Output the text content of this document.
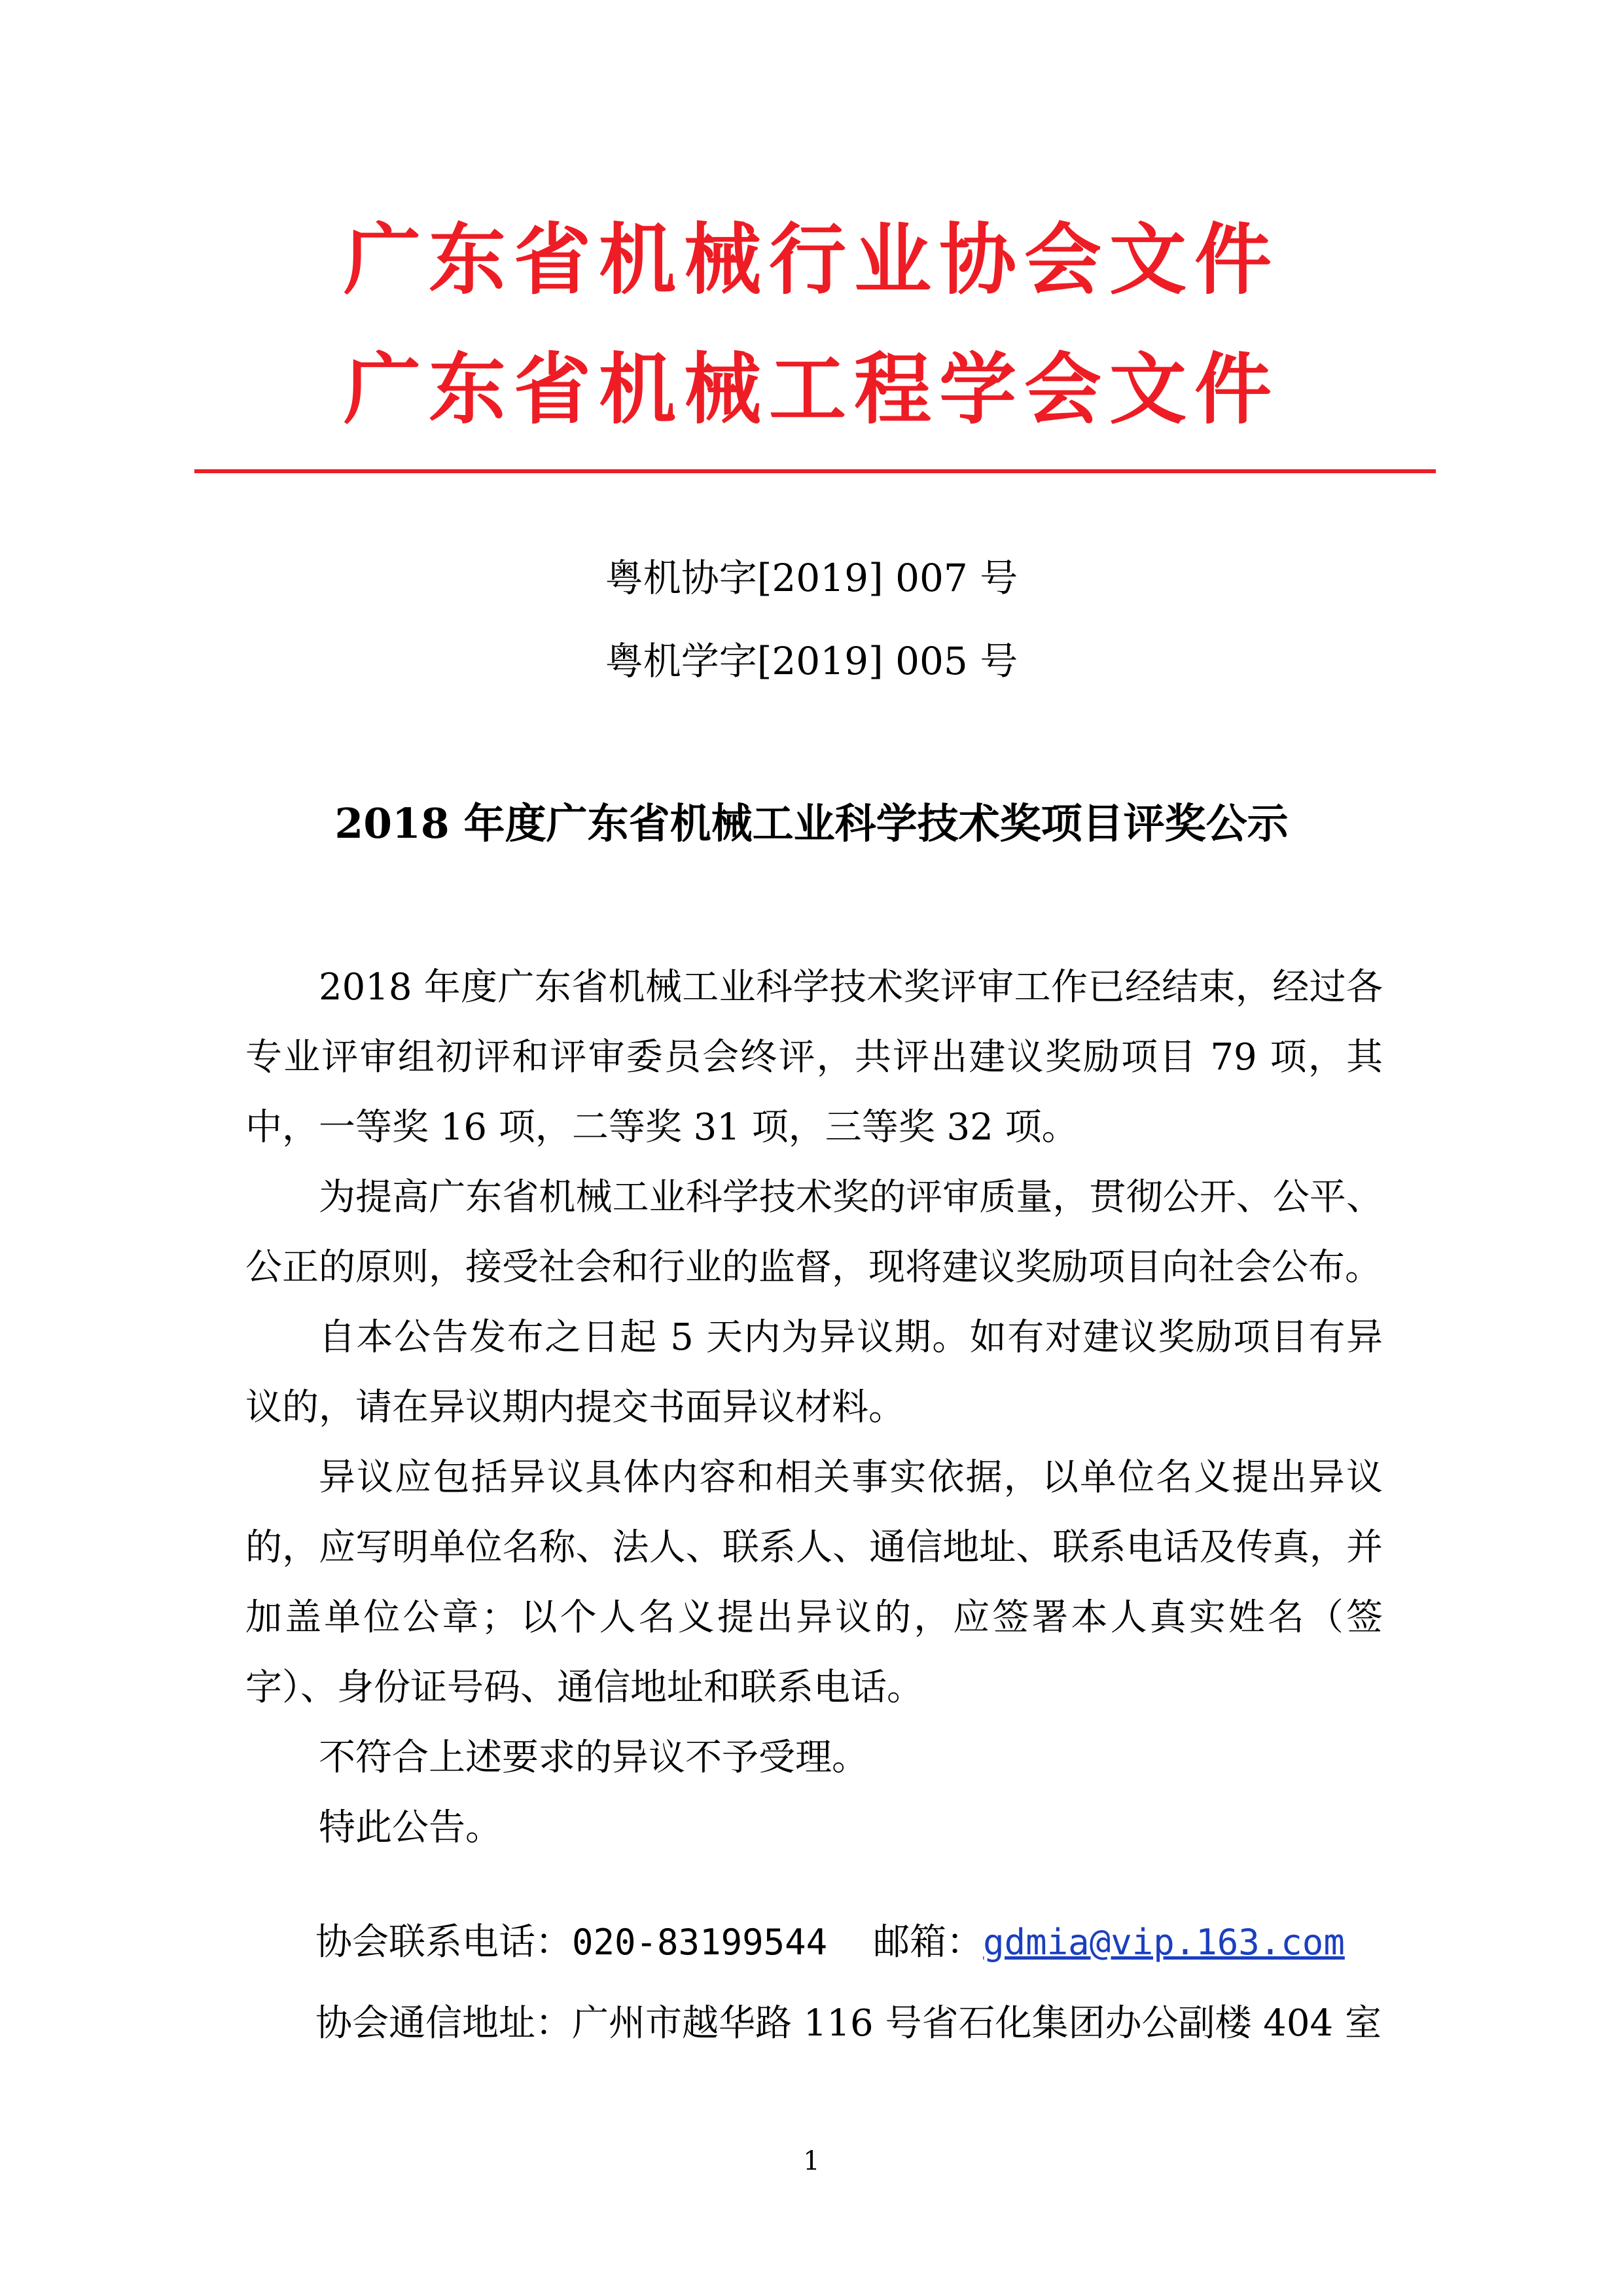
广东省机械行业协会文件
广东省机械工程学会文件
粤机协字[2019] 007 号
粤机学字[2019] 005 号
2018 年度广东省机械工业科学技术奖项目评奖公示

2018 年度广东省机械工业科学技术奖评审工作已经结束，经过各专业评审组初评和评审委员会终评，共评出建议奖励项目 79 项，其中，一等奖 16 项，二等奖 31 项，三等奖 32 项。

为提高广东省机械工业科学技术奖的评审质量，贯彻公开、公平、公正的原则，接受社会和行业的监督，现将建议奖励项目向社会公布。

自本公告发布之日起 5 天内为异议期。如有对建议奖励项目有异议的，请在异议期内提交书面异议材料。

异议应包括异议具体内容和相关事实依据，以单位名义提出异议的，应写明单位名称、法人、联系人、通信地址、联系电话及传真，并加盖单位公章；以个人名义提出异议的，应签署本人真实姓名（签字）、身份证号码、通信地址和联系电话。

不符合上述要求的异议不予受理。

特此公告。

协会联系电话：020-83199544 邮箱：gdmia@vip.163.com
协会通信地址：广州市越华路 116 号省石化集团办公副楼 404 室
1
